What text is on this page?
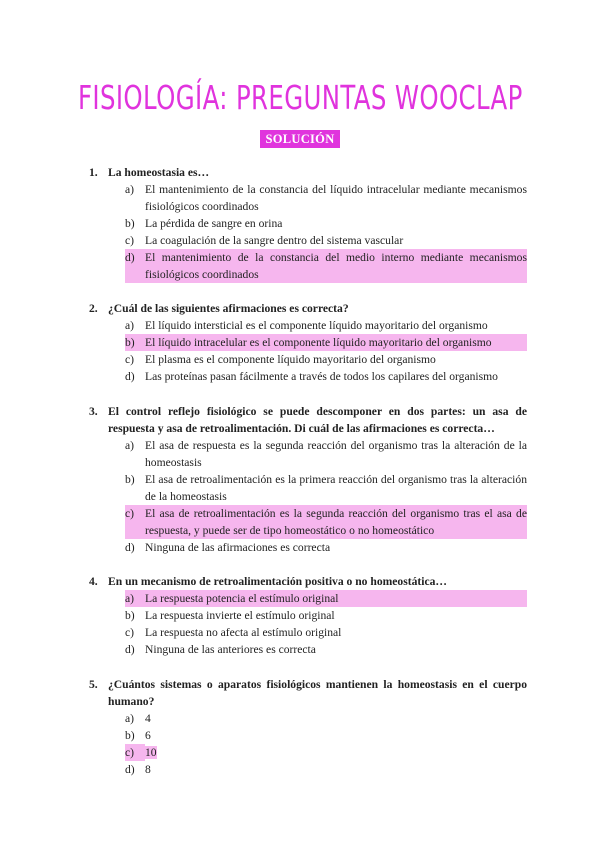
FISIOLOGÍA: PREGUNTAS WOOCLAP
SOLUCIÓN
1. La homeostasia es…
a) El mantenimiento de la constancia del líquido intracelular mediante mecanismos fisiológicos coordinados
b) La pérdida de sangre en orina
c) La coagulación de la sangre dentro del sistema vascular
d) El mantenimiento de la constancia del medio interno mediante mecanismos fisiológicos coordinados
2. ¿Cuál de las siguientes afirmaciones es correcta?
a) El líquido intersticial es el componente líquido mayoritario del organismo
b) El líquido intracelular es el componente líquido mayoritario del organismo
c) El plasma es el componente líquido mayoritario del organismo
d) Las proteínas pasan fácilmente a través de todos los capilares del organismo
3. El control reflejo fisiológico se puede descomponer en dos partes: un asa de respuesta y asa de retroalimentación. Di cuál de las afirmaciones es correcta…
a) El asa de respuesta es la segunda reacción del organismo tras la alteración de la homeostasis
b) El asa de retroalimentación es la primera reacción del organismo tras la alteración de la homeostasis
c) El asa de retroalimentación es la segunda reacción del organismo tras el asa de respuesta, y puede ser de tipo homeostático o no homeostático
d) Ninguna de las afirmaciones es correcta
4. En un mecanismo de retroalimentación positiva o no homeostática…
a) La respuesta potencia el estímulo original
b) La respuesta invierte el estímulo original
c) La respuesta no afecta al estímulo original
d) Ninguna de las anteriores es correcta
5. ¿Cuántos sistemas o aparatos fisiológicos mantienen la homeostasis en el cuerpo humano?
a) 4
b) 6
c) 10
d) 8
